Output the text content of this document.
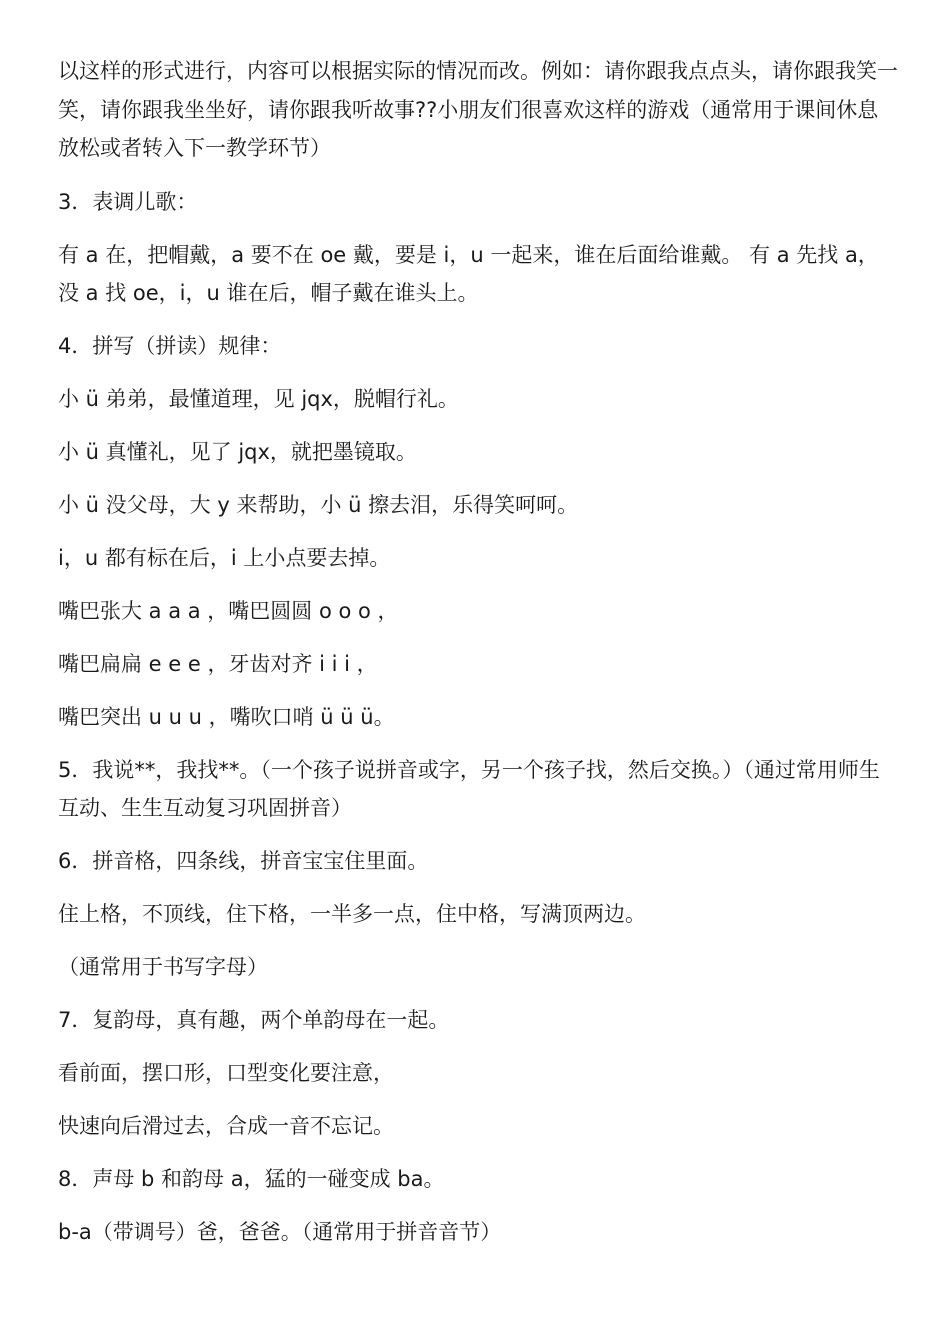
以这样的形式进行，内容可以根据实际的情况而改。例如：请你跟我点点头，请你跟我笑一笑，请你跟我坐坐好，请你跟我听故事??小朋友们很喜欢这样的游戏（通常用于课间休息放松或者转入下一教学环节）

3．表调儿歌：

有 a 在，把帽戴，a 要不在 oe 戴，要是 i，u 一起来，谁在后面给谁戴。 有 a 先找 a，没 a 找 oe，i，u 谁在后，帽子戴在谁头上。

4．拼写（拼读）规律：

小 ü 弟弟，最懂道理，见 jqx，脱帽行礼。

小 ü 真懂礼，见了 jqx，就把墨镜取。

小 ü 没父母，大 y 来帮助，小 ü 擦去泪，乐得笑呵呵。

i，u 都有标在后，i 上小点要去掉。

嘴巴张大 a a a ，嘴巴圆圆 o o o ，

嘴巴扁扁 e e e ，牙齿对齐 i i i ，

嘴巴突出 u u u ，嘴吹口哨 ü ü ü。

5．我说**，我找**。（一个孩子说拼音或字，另一个孩子找，然后交换。）（通过常用师生互动、生生互动复习巩固拼音）

6．拼音格，四条线，拼音宝宝住里面。

住上格，不顶线，住下格，一半多一点，住中格，写满顶两边。

（通常用于书写字母）

7．复韵母，真有趣，两个单韵母在一起。

看前面，摆口形，口型变化要注意，

快速向后滑过去，合成一音不忘记。

8．声母 b 和韵母 a，猛的一碰变成 ba。

b-a（带调号）爸，爸爸。（通常用于拼音音节）
